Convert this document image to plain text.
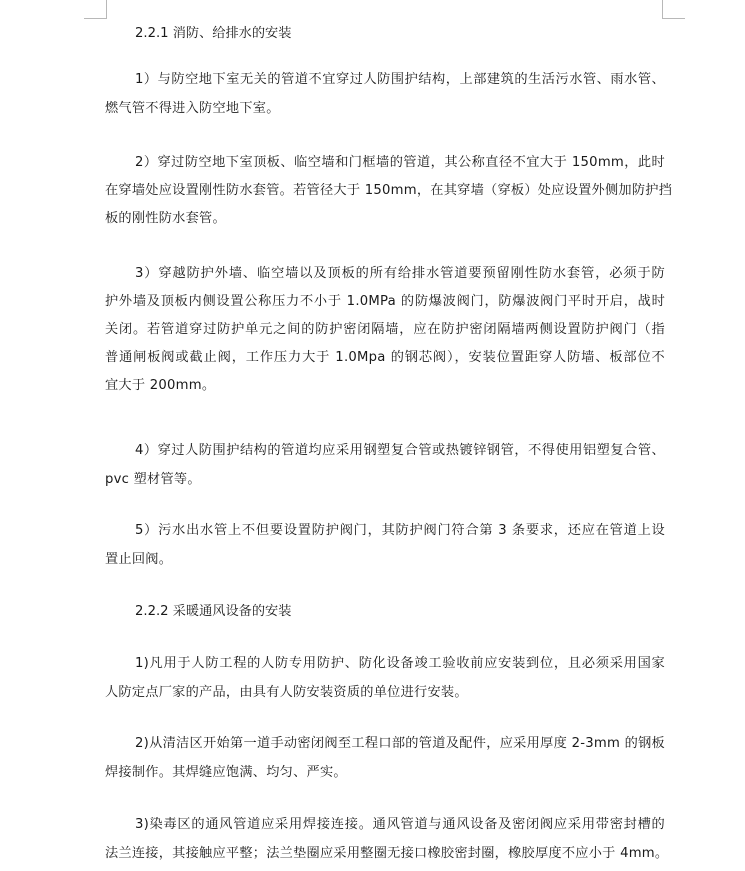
2.2.1 消防、给排水的安装
1）与防空地下室无关的管道不宜穿过人防围护结构，上部建筑的生活污水管、雨水管、
燃气管不得进入防空地下室。
2）穿过防空地下室顶板、临空墙和门框墙的管道，其公称直径不宜大于 150mm，此时
在穿墙处应设置刚性防水套管。若管径大于 150mm，在其穿墙（穿板）处应设置外侧加防护挡
板的刚性防水套管。
3）穿越防护外墙、临空墙以及顶板的所有给排水管道要预留刚性防水套管，必须于防
护外墙及顶板内侧设置公称压力不小于 1.0MPa 的防爆波阀门，防爆波阀门平时开启，战时
关闭。若管道穿过防护单元之间的防护密闭隔墙，应在防护密闭隔墙两侧设置防护阀门（指
普通闸板阀或截止阀，工作压力大于 1.0Mpa 的钢芯阀），安装位置距穿人防墙、板部位不
宜大于 200mm。
4）穿过人防围护结构的管道均应采用钢塑复合管或热镀锌钢管，不得使用铝塑复合管、
pvc 塑材管等。
5）污水出水管上不但要设置防护阀门，其防护阀门符合第 3 条要求，还应在管道上设
置止回阀。
2.2.2 采暖通风设备的安装
1)凡用于人防工程的人防专用防护、防化设备竣工验收前应安装到位，且必须采用国家
人防定点厂家的产品，由具有人防安装资质的单位进行安装。
2)从清洁区开始第一道手动密闭阀至工程口部的管道及配件，应采用厚度 2-3mm 的钢板
焊接制作。其焊缝应饱满、均匀、严实。
3)染毒区的通风管道应采用焊接连接。通风管道与通风设备及密闭阀应采用带密封槽的
法兰连接，其接触应平整；法兰垫圈应采用整圈无接口橡胶密封圈，橡胶厚度不应小于 4mm。
